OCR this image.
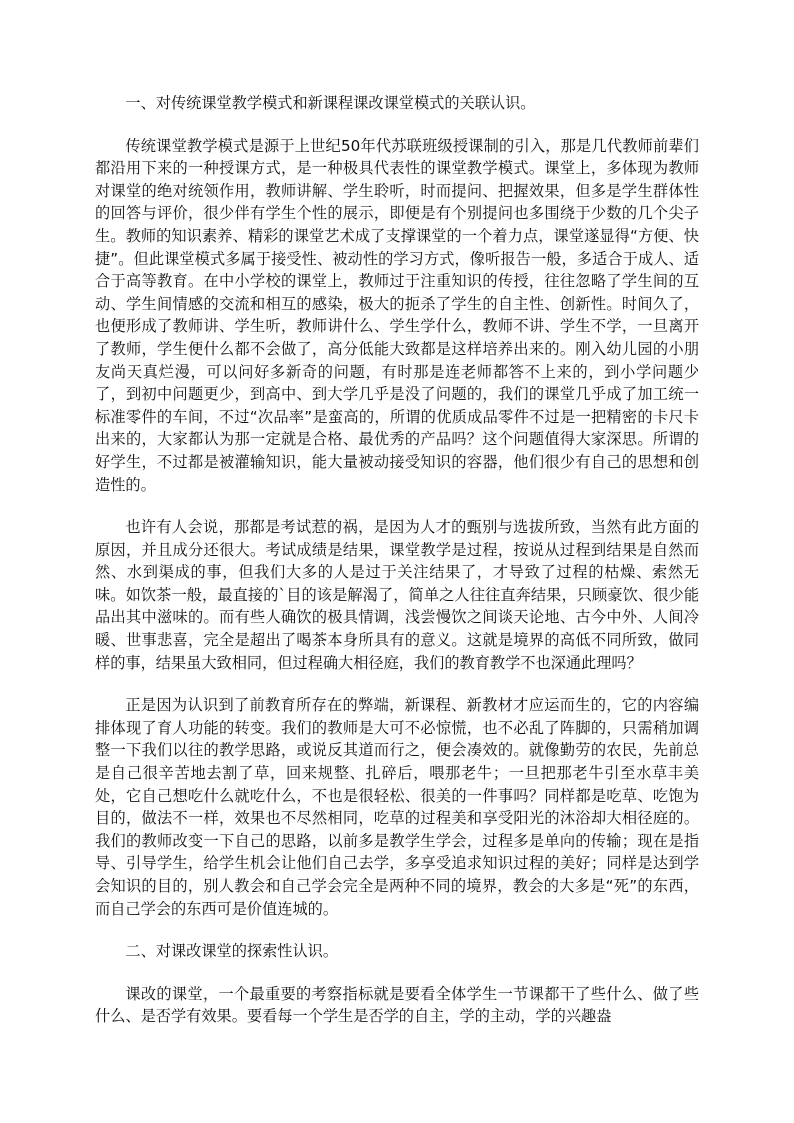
一、对传统课堂教学模式和新课程课改课堂模式的关联认识。

传统课堂教学模式是源于上世纪50年代苏联班级授课制的引入，那是几代教师前辈们都沿用下来的一种授课方式，是一种极具代表性的课堂教学模式。课堂上，多体现为教师对课堂的绝对统领作用，教师讲解、学生聆听，时而提问、把握效果，但多是学生群体性的回答与评价，很少伴有学生个性的展示，即便是有个别提问也多围绕于少数的几个尖子生。教师的知识素养、精彩的课堂艺术成了支撑课堂的一个着力点，课堂遂显得“方便、快捷”。但此课堂模式多属于接受性、被动性的学习方式，像听报告一般，多适合于成人、适合于高等教育。在中小学校的课堂上，教师过于注重知识的传授，往往忽略了学生间的互动、学生间情感的交流和相互的感染，极大的扼杀了学生的自主性、创新性。时间久了，也便形成了教师讲、学生听，教师讲什么、学生学什么，教师不讲、学生不学，一旦离开了教师，学生便什么都不会做了，高分低能大致都是这样培养出来的。刚入幼儿园的小朋友尚天真烂漫，可以问好多新奇的问题，有时那是连老师都答不上来的，到小学问题少了，到初中问题更少，到高中、到大学几乎是没了问题的，我们的课堂几乎成了加工统一标准零件的车间，不过“次品率”是蛮高的，所谓的优质成品零件不过是一把精密的卡尺卡出来的，大家都认为那一定就是合格、最优秀的产品吗？这个问题值得大家深思。所谓的好学生，不过都是被灌输知识，能大量被动接受知识的容器，他们很少有自己的思想和创造性的。

也许有人会说，那都是考试惹的祸，是因为人才的甄别与选拔所致，当然有此方面的原因，并且成分还很大。考试成绩是结果，课堂教学是过程，按说从过程到结果是自然而然、水到渠成的事，但我们大多的人是过于关注结果了，才导致了过程的枯燥、索然无味。如饮茶一般，最直接的`目的该是解渴了，简单之人往往直奔结果，只顾豪饮、很少能品出其中滋味的。而有些人确饮的极具情调，浅尝慢饮之间谈天论地、古今中外、人间冷暖、世事悲喜，完全是超出了喝茶本身所具有的意义。这就是境界的高低不同所致，做同样的事，结果虽大致相同，但过程确大相径庭，我们的教育教学不也深通此理吗？

正是因为认识到了前教育所存在的弊端，新课程、新教材才应运而生的，它的内容编排体现了育人功能的转变。我们的教师是大可不必惊慌，也不必乱了阵脚的，只需稍加调整一下我们以往的教学思路，或说反其道而行之，便会凑效的。就像勤劳的农民，先前总是自己很辛苦地去割了草，回来规整、扎碎后，喂那老牛；一旦把那老牛引至水草丰美处，它自己想吃什么就吃什么，不也是很轻松、很美的一件事吗？同样都是吃草、吃饱为目的，做法不一样，效果也不尽然相同，吃草的过程美和享受阳光的沐浴却大相径庭的。我们的教师改变一下自己的思路，以前多是教学生学会，过程多是单向的传输；现在是指导、引导学生，给学生机会让他们自己去学，多享受追求知识过程的美好；同样是达到学会知识的目的，别人教会和自己学会完全是两种不同的境界，教会的大多是“死”的东西，而自己学会的东西可是价值连城的。

二、对课改课堂的探索性认识。

课改的课堂，一个最重要的考察指标就是要看全体学生一节课都干了些什么、做了些什么、是否学有效果。要看每一个学生是否学的自主，学的主动，学的兴趣盎
